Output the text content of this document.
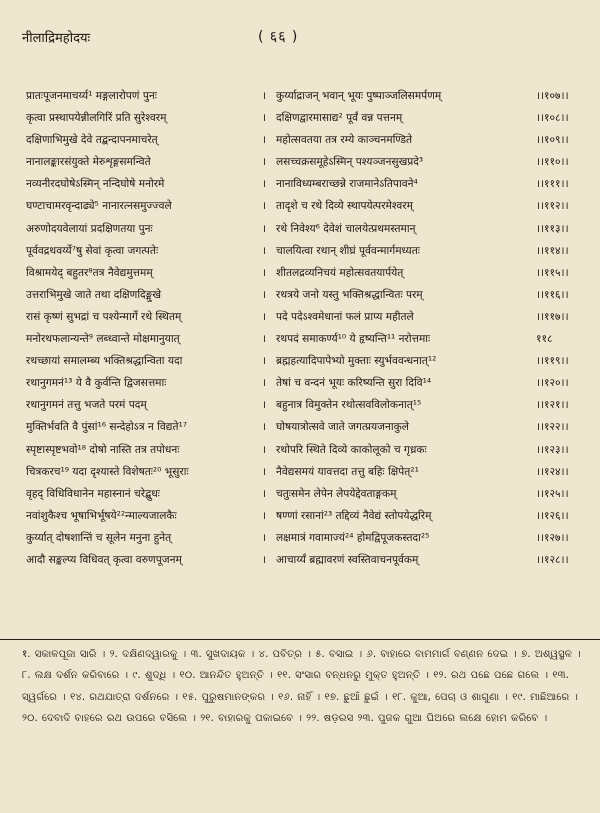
नीलाद्रिमहोदयः	( ६६ )
प्रातःपूजनमाचर्य्य¹ मङ्गलारोपणं पुनः	। कुर्य्याद्राजन् भवान् भूयः पुष्पाञ्जलिसमर्पणम्	।।१०७।।
कृत्वा प्रस्थापयेन्नीलगिरिं प्रति सुरेश्वरम्	। दक्षिणद्वारमासाद्य² पूर्वं वन्न पत्तनम्	।।१०८।।
दक्षिणाभिमुखे देवे तद्बन्दापनमाचरेत्	। महोत्सवतया तत्र रम्ये काञ्चनमण्डिते	।।१०९।।
नानालङ्कारसंयुक्ते मेरुशृङ्गसमन्विते	। लसच्चक्रसमूहेऽस्मिन् पश्यञ्जनसुखप्रदे³	।।११०।।
नव्यनीरदघोषेऽस्मिन् नन्दिघोषे मनोरमे	। नानाविध्यम्बराच्छन्ने राजमानेऽतिपावने⁴	।।१११।।
घण्टाचामरवृन्दाढ्ये⁵ नानारत्नसमुज्ज्वले	। तादृशे च रथे दिव्ये स्थापयेत्परमेश्वरम्	।।११२।।
अरुणोदयवेलायां प्रदक्षिणतया पुनः	। रथे निवेश्य⁶ देवेशं चालयेत्प्रथमस्तमान्	।।११३।।
पूर्ववद्रथवर्य्ये⁷षु सेवां कृत्वा जगत्पतेः	। चालयित्वा रथान् शीघ्रं पूर्ववन्मार्गमध्यतः	।।११४।।
विश्रामयेद् बहुतर⁸तत्र नैवेद्यमुत्तमम्	। शीतलद्रव्यनिचयं महोत्सवतयार्पयेत्	।।११५।।
उत्तराभिमुखे जाते तथा दक्षिणदिङ्मुखे	। रथत्रये जनो यस्तु भक्तिश्रद्धान्वितः परम्	।।११६।।
रासं कृष्णं सुभद्रां च पश्येन्मार्गे रथे स्थितम्	। पदे पदेऽश्वमेधानां फलं प्राप्य महीतले	।।११७।।
मनोरथफलान्यन्ते⁹ लब्ध्वान्ते मोक्षमानुयात्	। रथपदं समाकर्ण्य¹⁰ ये हृष्यन्ति¹¹ नरोत्तमाः	११८
रथच्छायां समालम्ब्य भक्तिश्रद्धान्विता यदा	। ब्रह्महत्यादिपापेभ्यो मुक्ताः स्युर्भववन्धनात्¹²	।।११९।।
रथानुगमनं¹³ ये वै कुर्वन्ति द्विजसत्तमाः	। तेषां च वन्दनं भूयः करिष्यन्ति सुरा दिवि¹⁴	।।१२०।।
रथानुगमनं तत्तु भजते परमं पदम्	। बहुनात्र विमुक्तेन रथोत्सवविलोकनात्¹⁵	।।१२१।।
मुक्तिर्भवति वै पुंसां¹⁶ सन्देहोऽत्र न विद्यते¹⁷	। घोषयात्रोत्सवे जाते जगत्प्रयजनाकुले	।।१२२।।
स्पृष्टास्पृष्टभवो¹⁸ दोषो नास्ति तत्र तपोधनः	। रथोपरि स्थिते दिव्ये काकोलूको च गृध्रकः	।।१२३।।
चित्रकरच¹⁹ यदा दृश्यास्ते विशेषतः²⁰ भूसुराः	। नैवेद्यसमयं यावत्तदा तत्तु बहिः क्षिपेत्²¹	।।१२४।।
वृहद् विधिविधानेन महास्नानं चरेद्बुधः	। चतुःसमेन लेपेन लेपयेद्देवताङ्गकम्	।।१२५।।
नवांशुकैश्च भूषाभिर्भूषये²²न्माल्यजालकैः	। षण्णां रसानां²³ तद्दिव्यं नैवेद्यं स्तोपयेद्धरिम्	।।१२६।।
कुर्य्यात् दोषशान्तिं च सूलेन मनुना हुनेत्	। लक्षमात्रं गवामाज्यं²⁴ होमद्विपूजकस्तदा²⁵	।।१२७।।
आदौ सङ्कल्प्य विधिवत् कृत्वा वरुणपूजनम्	। आचार्य्यं ब्रह्मावरणं स्वस्तिवाचनपूर्वकम्	।।१२८।।
१. ସକାଳପୂଜା ସାରି । ୨. ଦକ୍ଷିଣଦ୍ୱାରକୁ । ୩. ସୁଖଦାୟକ । ୪. ପବିତ୍ର । ୫. ବସାଇ । ୬. ବାହାରେ ବାମମାର୍ଗ ବଣ୍ଣନ ଦେଇ । ୭. ଅଶ୍ୱସ୍ଥଳ । ୮. ଲକ୍ଷ ଦର୍ଶନ କରିବାରେ । ୯. ଶୁଦ୍ଧି । ୧୦. ଆନନ୍ଦିତ ହୁଅନ୍ତି । ୧୧. ସଂସାର ବନ୍ଧନରୁ ମୁକ୍ତ ହୁଅନ୍ତି । ୧୨. ରଥ ପଛେ ପଛେ ଗଲେ । ୧୩. ସ୍ୱର୍ଗରେ । ୧୪. ରଥଯାତ୍ରା ଦର୍ଶନରେ । ୧୫. ପୁରୁଷମାନଙ୍କର । ୧୬. ନାହିଁ । ୧୭. ଛୁଆଁ ଛୁଇଁ । ୧୮. କୁଆ, ପେଚା ଓ ଶାଗୁଣା । ୧୯. ମାଛିଆରେ । ୨୦. ଦେବାଦି ବାହରେ ରଥ ଉପରେ ବସିଲେ । ୨୧. ବାହାରକୁ ପକାଇବେ । ୨୨. ଷଡ଼ରସ ୨୩. ପୁଜକ ଗୁଆ ଘିଅରେ ଲକ୍ଷେ ହୋମ କରିବେ ।
